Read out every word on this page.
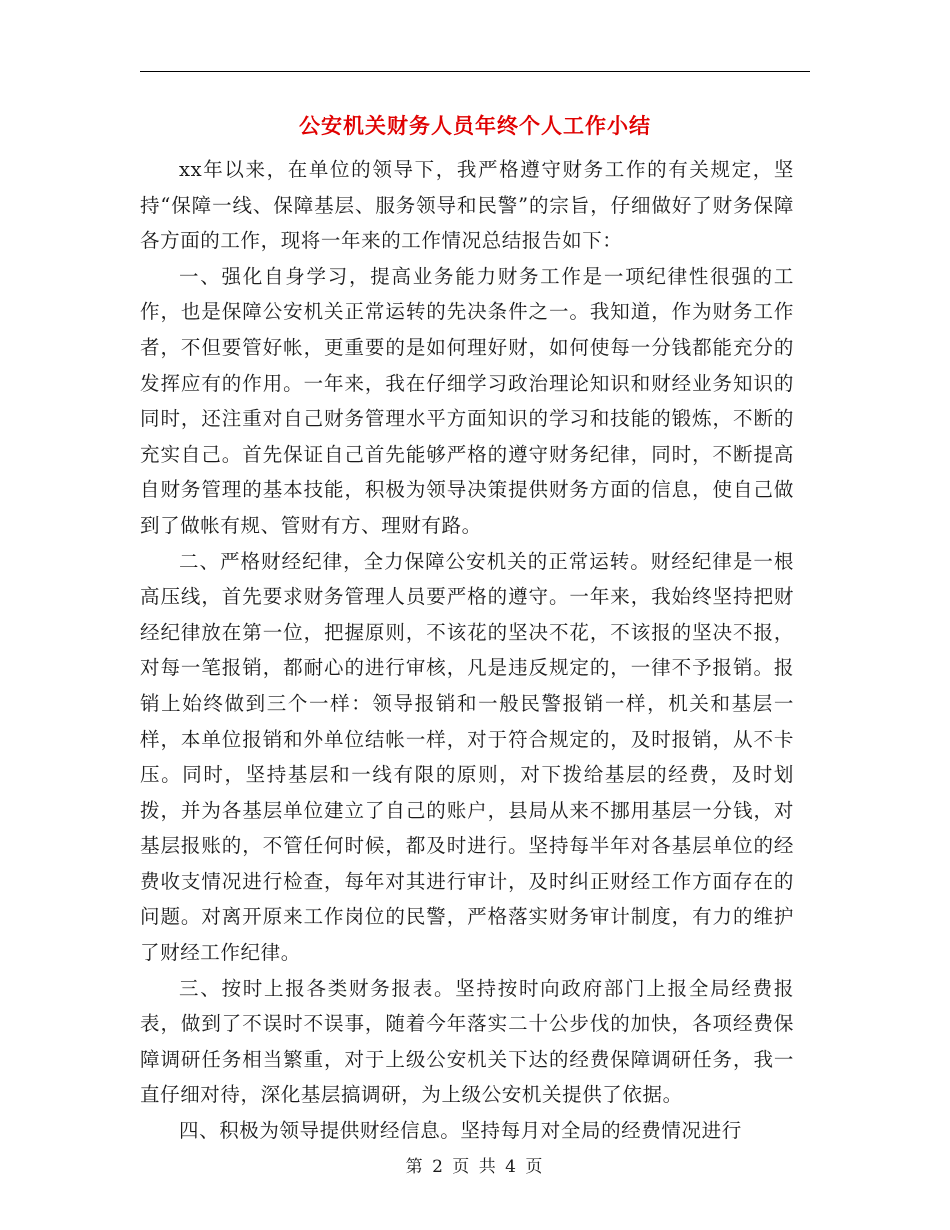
公安机关财务人员年终个人工作小结

xx年以来，在单位的领导下，我严格遵守财务工作的有关规定，坚持“保障一线、保障基层、服务领导和民警”的宗旨，仔细做好了财务保障各方面的工作，现将一年来的工作情况总结报告如下：

一、强化自身学习，提高业务能力财务工作是一项纪律性很强的工作，也是保障公安机关正常运转的先决条件之一。我知道，作为财务工作者，不但要管好帐，更重要的是如何理好财，如何使每一分钱都能充分的发挥应有的作用。一年来，我在仔细学习政治理论知识和财经业务知识的同时，还注重对自己财务管理水平方面知识的学习和技能的锻炼，不断的充实自己。首先保证自己首先能够严格的遵守财务纪律，同时，不断提高自财务管理的基本技能，积极为领导决策提供财务方面的信息，使自己做到了做帐有规、管财有方、理财有路。

二、严格财经纪律，全力保障公安机关的正常运转。财经纪律是一根高压线，首先要求财务管理人员要严格的遵守。一年来，我始终坚持把财经纪律放在第一位，把握原则，不该花的坚决不花，不该报的坚决不报，对每一笔报销，都耐心的进行审核，凡是违反规定的，一律不予报销。报销上始终做到三个一样：领导报销和一般民警报销一样，机关和基层一样，本单位报销和外单位结帐一样，对于符合规定的，及时报销，从不卡压。同时，坚持基层和一线有限的原则，对下拨给基层的经费，及时划拨，并为各基层单位建立了自己的账户，县局从来不挪用基层一分钱，对基层报账的，不管任何时候，都及时进行。坚持每半年对各基层单位的经费收支情况进行检查，每年对其进行审计，及时纠正财经工作方面存在的问题。对离开原来工作岗位的民警，严格落实财务审计制度，有力的维护了财经工作纪律。

三、按时上报各类财务报表。坚持按时向政府部门上报全局经费报表，做到了不误时不误事，随着今年落实二十公步伐的加快，各项经费保障调研任务相当繁重，对于上级公安机关下达的经费保障调研任务，我一直仔细对待，深化基层搞调研，为上级公安机关提供了依据。

四、积极为领导提供财经信息。坚持每月对全局的经费情况进行

第 2 页 共 4 页
